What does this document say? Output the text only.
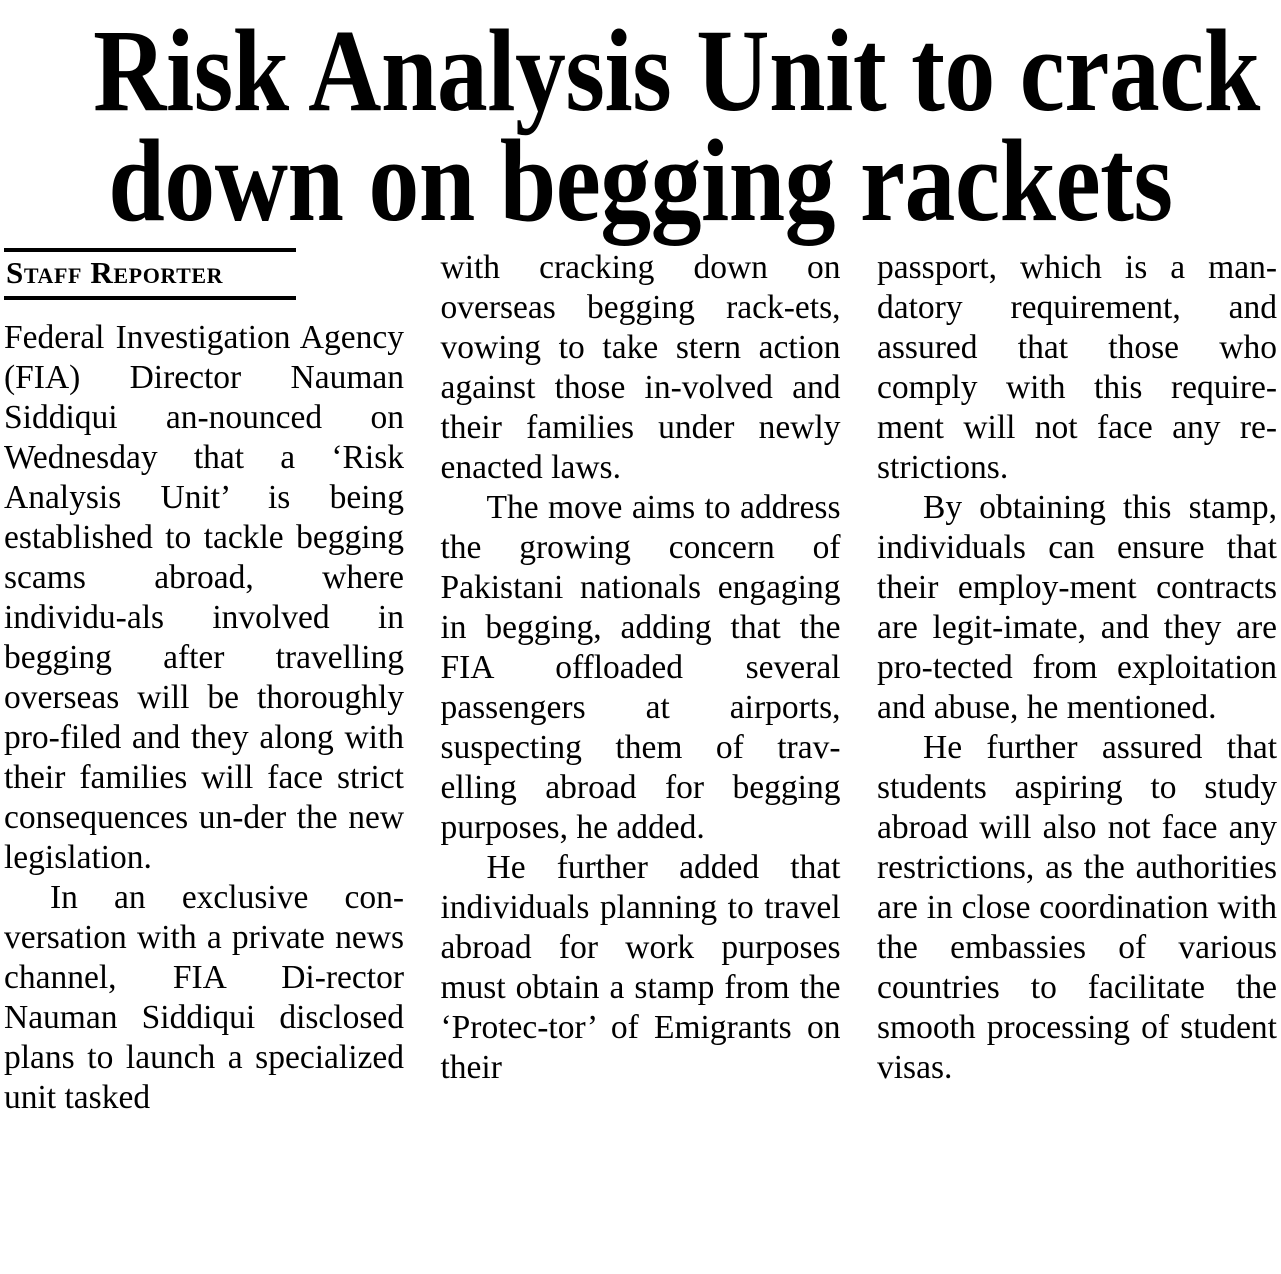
Risk Analysis Unit to crack
down on begging rackets
Staff Reporter

Federal Investigation Agency (FIA) Director Nauman Siddiqui an-nounced on Wednesday that a ‘Risk Analysis Unit’ is being established to tackle begging scams abroad, where individu-als involved in begging after travelling overseas will be thoroughly pro-filed and they along with their families will face strict consequences un-der the new legislation.

In an exclusive con-versation with a private news channel, FIA Di-rector Nauman Siddiqui disclosed plans to launch a specialized unit tasked

with cracking down on overseas begging rack-ets, vowing to take stern action against those in-volved and their families under newly enacted laws.

The move aims to address the growing concern of Pakistani nationals engaging in begging, adding that the FIA offloaded several passengers at airports, suspecting them of trav-elling abroad for begging purposes, he added.

He further added that individuals planning to travel abroad for work purposes must obtain a stamp from the ‘Protec-tor’ of Emigrants on their

passport, which is a man-datory requirement, and assured that those who comply with this require-ment will not face any re-strictions.

By obtaining this stamp, individuals can ensure that their employ-ment contracts are legit-imate, and they are pro-tected from exploitation and abuse, he mentioned.

He further assured that students aspiring to study abroad will also not face any restrictions, as the authorities are in close coordination with the embassies of various countries to facilitate the smooth processing of student visas.
